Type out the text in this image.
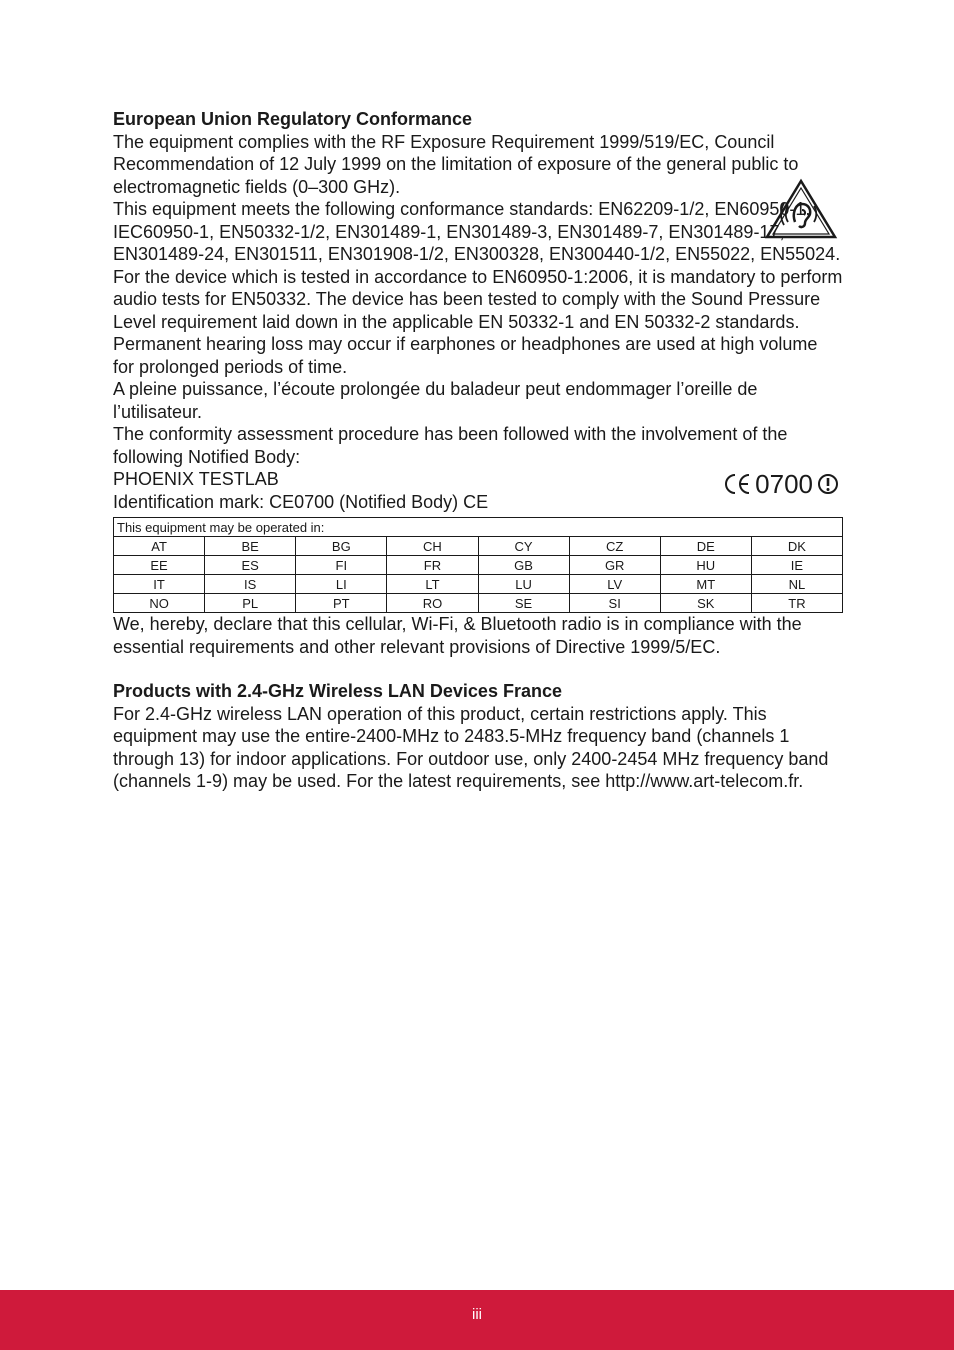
European Union Regulatory Conformance

The equipment complies with the RF Exposure Requirement 1999/519/EC, Council Recommendation of 12 July 1999 on the limitation of exposure of the general public to electromagnetic fields (0–300 GHz).

This equipment meets the following conformance standards: EN62209-1/2, EN60950-1, IEC60950-1, EN50332-1/2, EN301489-1, EN301489-3, EN301489-7, EN301489-17, EN301489-24, EN301511, EN301908-1/2, EN300328, EN300440-1/2, EN55022, EN55024.

For the device which is tested in accordance to EN60950-1:2006, it is mandatory to perform audio tests for EN50332. The device has been tested to comply with the Sound Pressure Level requirement laid down in the applicable EN 50332-1 and EN 50332-2 standards. Permanent hearing loss may occur if earphones or headphones are used at high volume for prolonged periods of time.

A pleine puissance, l’écoute prolongée du baladeur peut endommager l’oreille de l’utilisateur.

The conformity assessment procedure has been followed with the involvement of the following Notified Body:

PHOENIX TESTLAB

Identification mark: CE0700 (Notified Body) CE

0700
This equipment may be operated in:							
AT	BE	BG	CH	CY	CZ	DE	DK
EE	ES	FI	FR	GB	GR	HU	IE
IT	IS	LI	LT	LU	LV	MT	NL
NO	PL	PT	RO	SE	SI	SK	TR

We, hereby, declare that this cellular, Wi-Fi, & Bluetooth radio is in compliance with the essential requirements and other relevant provisions of Directive 1999/5/EC.

Products with 2.4-GHz Wireless LAN Devices France

For 2.4-GHz wireless LAN operation of this product, certain restrictions apply. This equipment may use the entire-2400-MHz to 2483.5-MHz frequency band (channels 1 through 13) for indoor applications. For outdoor use, only 2400-2454 MHz frequency band (channels 1-9) may be used. For the latest requirements, see http://www.art-telecom.fr.

iii
